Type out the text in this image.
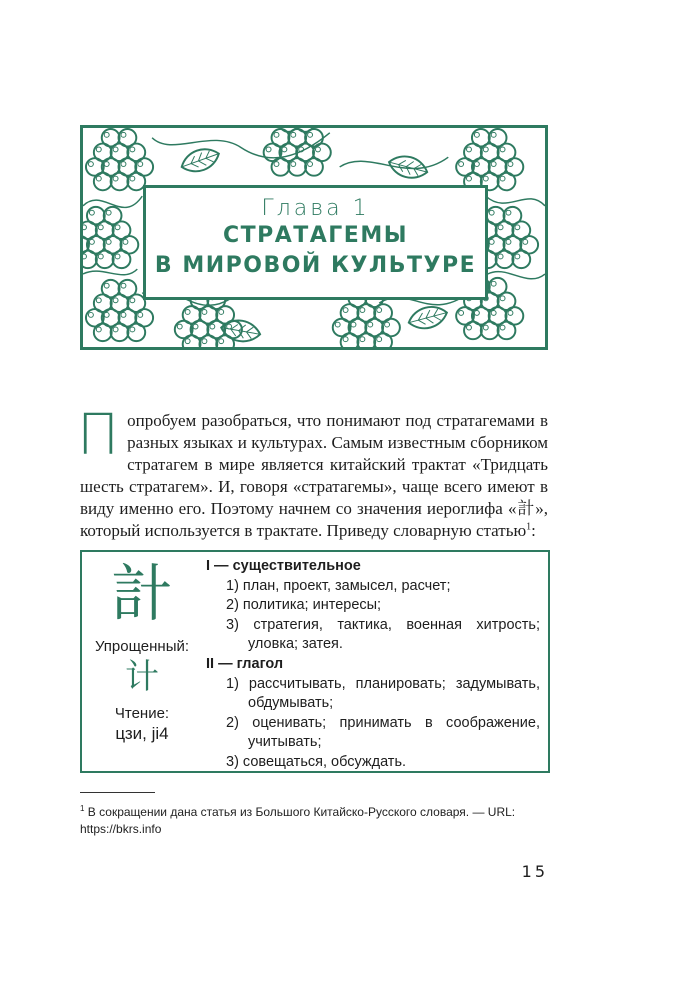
Глава 1
СТРАТАГЕМЫ
В МИРОВОЙ КУЛЬТУРЕ
П опробуем разобраться, что понимают под стратагемами в разных языках и культурах. Самым известным сборником стратагем в мире является китайский трактат «Тридцать шесть стратагем». И, говоря «стратагемы», чаще всего имеют в виду именно его. Поэтому начнем со значения иероглифа «計», который используется в трактате. Приведу словарную статью$^1$:

計
Упрощенный:
计
Чтение:
цзи, ji4
I — существительное
1) план, проект, замысел, расчет;
2) политика; интересы;
3) стратегия, тактика, военная хитрость; уловка; затея.
II — глагол
1) рассчитывать, планировать; задумывать, обдумывать;
2) оценивать; принимать в соображение, учитывать;
3) совещаться, обсуждать.
$^1$ В сокращении дана статья из Большого Китайско-Русского словаря. — URL: https://bkrs.info
15
